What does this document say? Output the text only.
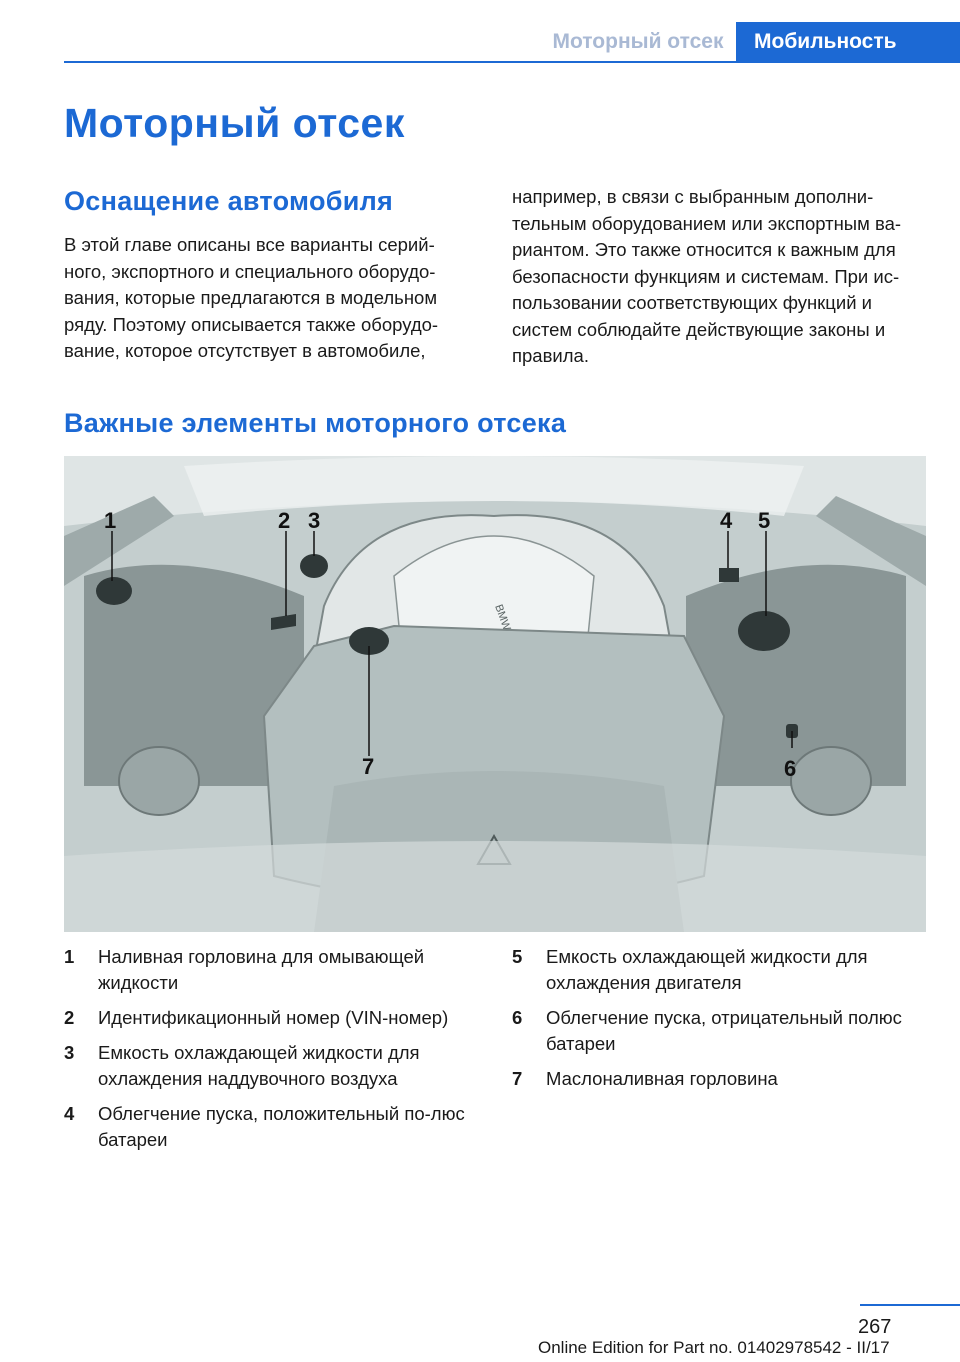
Моторный отсек	Мобильность
Моторный отсек
Оснащение автомобиля

В этой главе описаны все варианты серий-ного, экспортного и специального оборудо-вания, которые предлагаются в модельном ряду. Поэтому описывается также оборудо-вание, которое отсутствует в автомобиле,

например, в связи с выбранным дополни-тельным оборудованием или экспортным ва-риантом. Это также относится к важным для безопасности функциям и системам. При ис-пользовании соответствующих функций и систем соблюдайте действующие законы и правила.

Важные элементы моторного отсека
1	2 3	4 5
6
7
1	Наливная горловина для омывающей жидкости
2	Идентификационный номер (VIN-номер)
3	Емкость охлаждающей жидкости для охлаждения наддувочного воздуха
4	Облегчение пуска, положительный по-люс батареи
5	Емкость охлаждающей жидкости для охлаждения двигателя
6	Облегчение пуска, отрицательный полюс батареи
7	Маслоналивная горловина
267
Online Edition for Part no. 01402978542 - II/17
